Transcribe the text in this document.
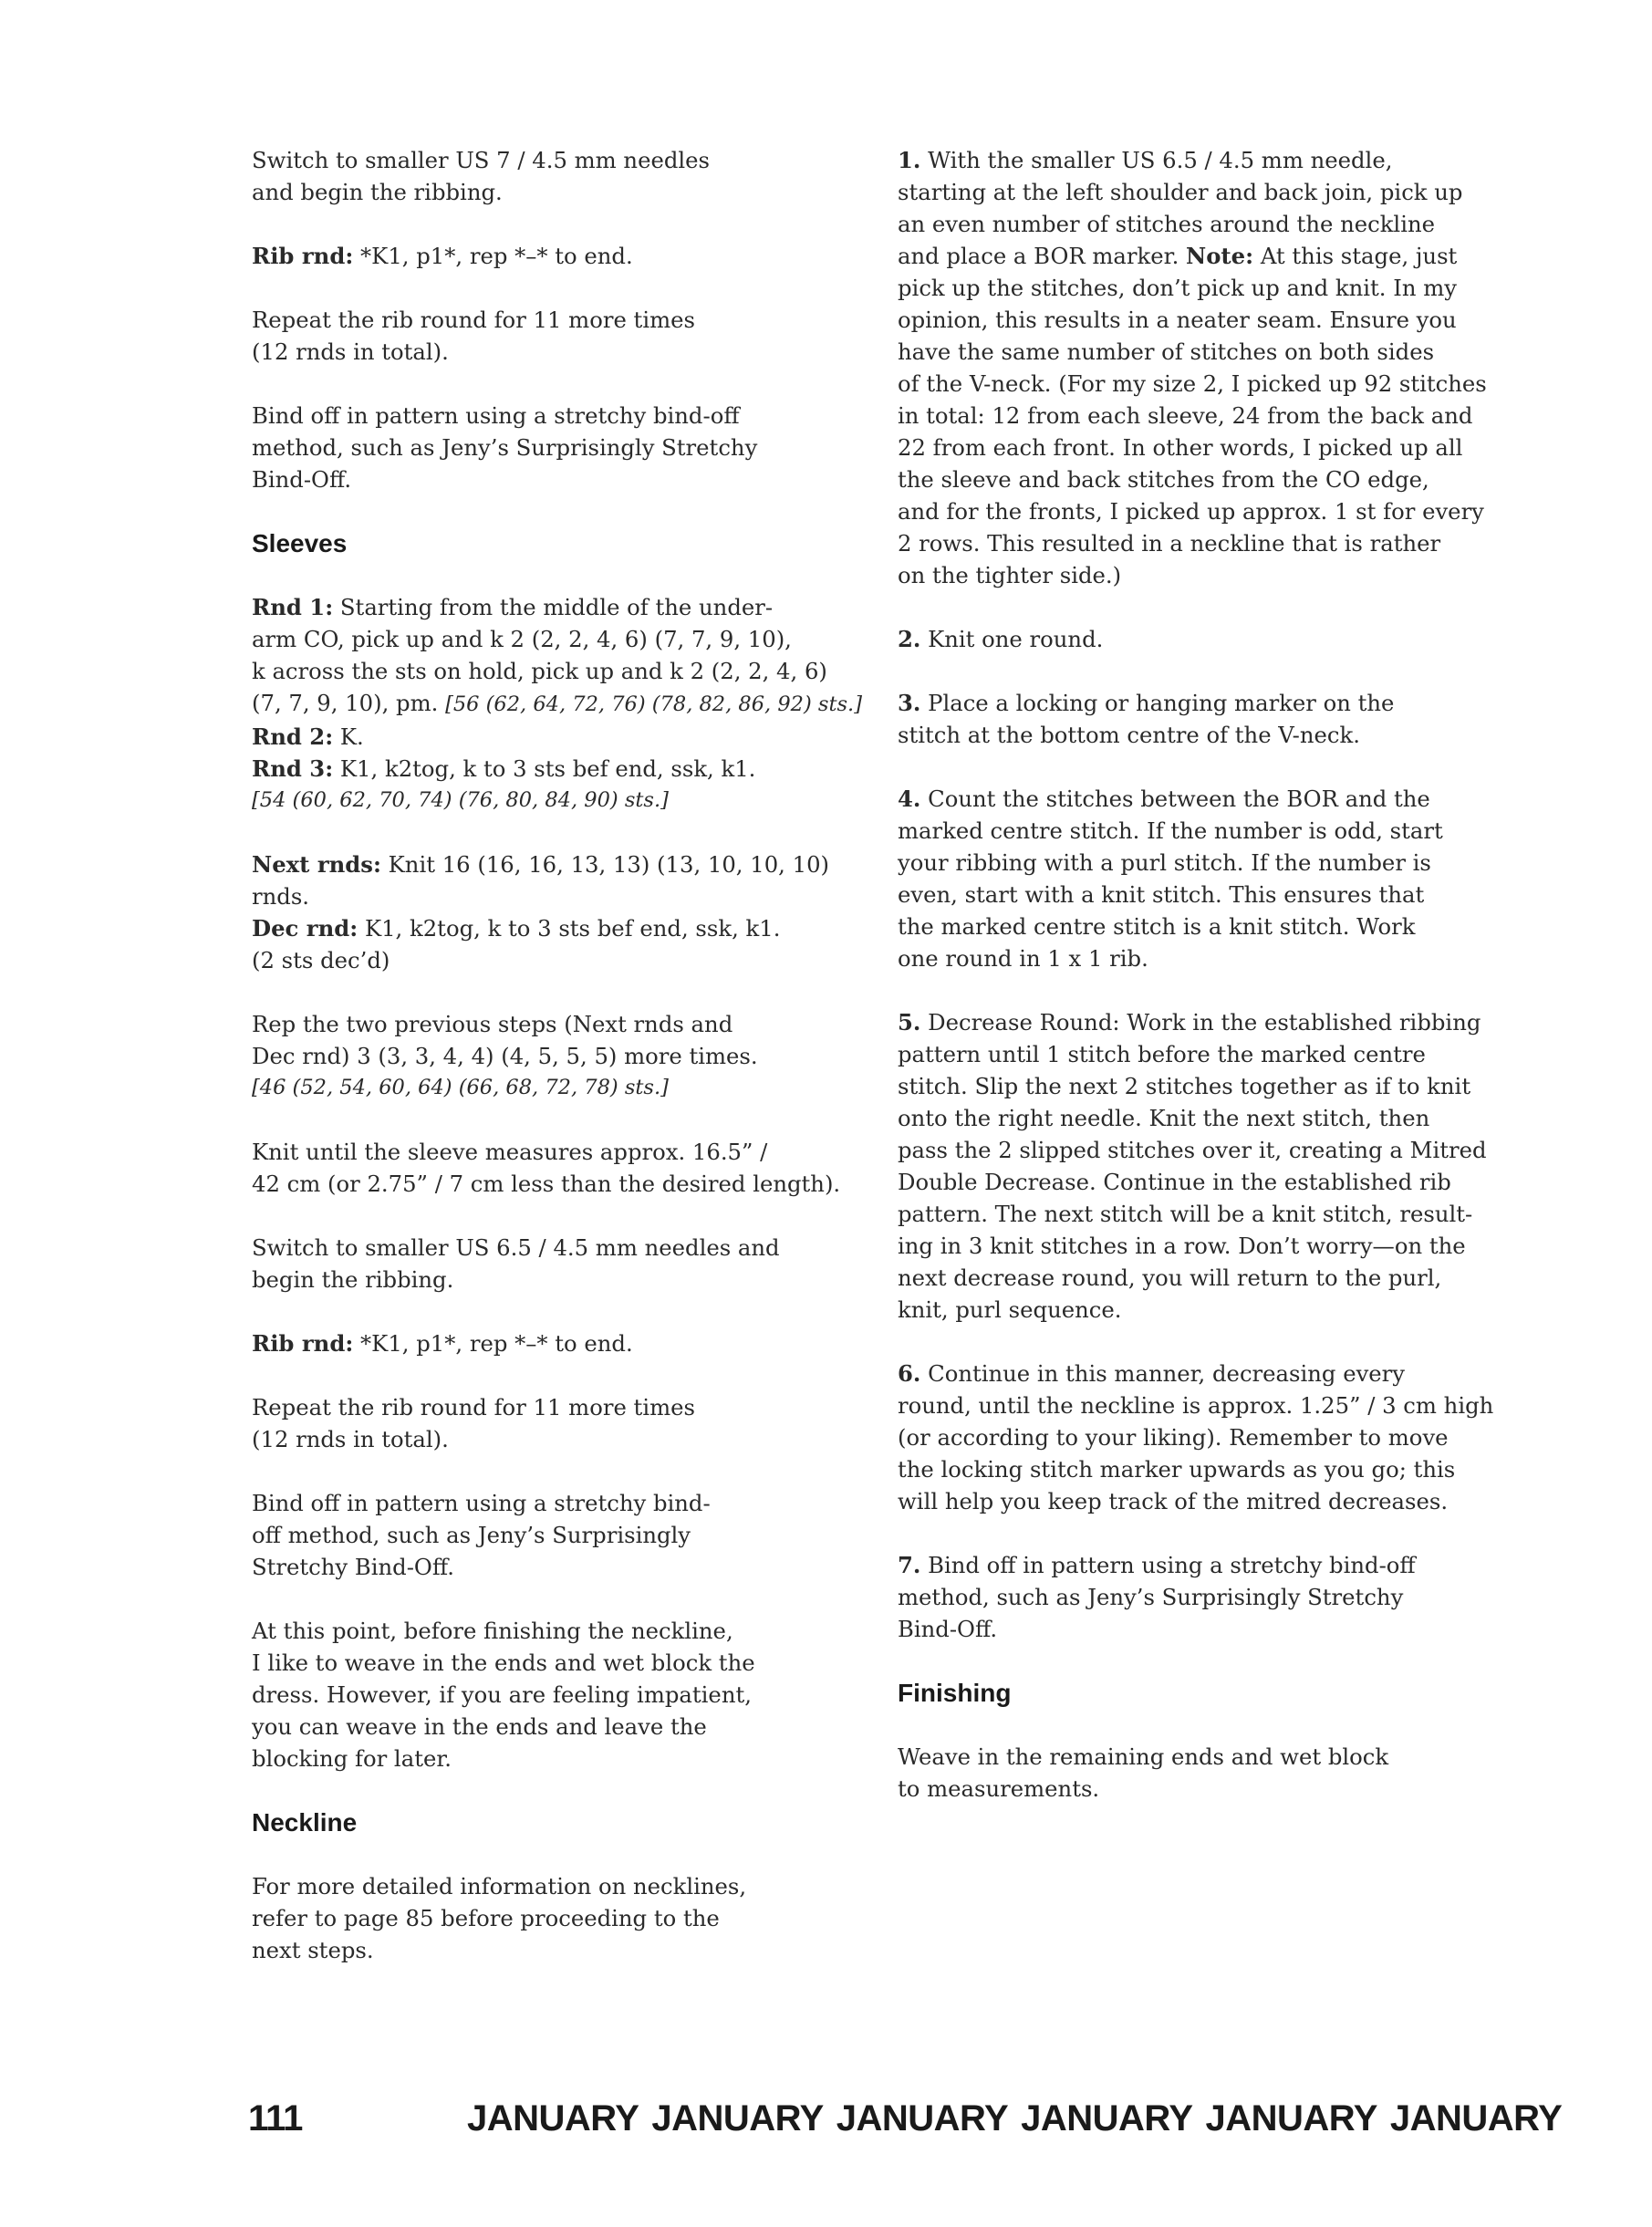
Switch to smaller US 7 / 4.5 mm needles
and begin the ribbing.

Rib rnd: *K1, p1*, rep *–* to end.

Repeat the rib round for 11 more times
(12 rnds in total).

Bind off in pattern using a stretchy bind-off
method, such as Jeny’s Surprisingly Stretchy
Bind-Off.

Sleeves

Rnd 1: Starting from the middle of the under-
arm CO, pick up and k 2 (2, 2, 4, 6) (7, 7, 9, 10),
k across the sts on hold, pick up and k 2 (2, 2, 4, 6)
(7, 7, 9, 10), pm. [56 (62, 64, 72, 76) (78, 82, 86, 92) sts.]
Rnd 2: K.
Rnd 3: K1, k2tog, k to 3 sts bef end, ssk, k1.
[54 (60, 62, 70, 74) (76, 80, 84, 90) sts.]

Next rnds: Knit 16 (16, 16, 13, 13) (13, 10, 10, 10)
rnds.
Dec rnd: K1, k2tog, k to 3 sts bef end, ssk, k1.
(2 sts dec’d)

Rep the two previous steps (Next rnds and
Dec rnd) 3 (3, 3, 4, 4) (4, 5, 5, 5) more times.
[46 (52, 54, 60, 64) (66, 68, 72, 78) sts.]

Knit until the sleeve measures approx. 16.5” /
42 cm (or 2.75” / 7 cm less than the desired length).

Switch to smaller US 6.5 / 4.5 mm needles and
begin the ribbing.

Rib rnd: *K1, p1*, rep *–* to end.

Repeat the rib round for 11 more times
(12 rnds in total).

Bind off in pattern using a stretchy bind-
off method, such as Jeny’s Surprisingly
Stretchy Bind-Off.

At this point, before finishing the neckline,
I like to weave in the ends and wet block the
dress. However, if you are feeling impatient,
you can weave in the ends and leave the
blocking for later.

Neckline

For more detailed information on necklines,
refer to page 85 before proceeding to the
next steps.

1. With the smaller US 6.5 / 4.5 mm needle,
starting at the left shoulder and back join, pick up
an even number of stitches around the neckline
and place a BOR marker. Note: At this stage, just
pick up the stitches, don’t pick up and knit. In my
opinion, this results in a neater seam. Ensure you
have the same number of stitches on both sides
of the V-neck. (For my size 2, I picked up 92 stitches
in total: 12 from each sleeve, 24 from the back and
22 from each front. In other words, I picked up all
the sleeve and back stitches from the CO edge,
and for the fronts, I picked up approx. 1 st for every
2 rows. This resulted in a neckline that is rather
on the tighter side.)

2. Knit one round.

3. Place a locking or hanging marker on the
stitch at the bottom centre of the V-neck.

4. Count the stitches between the BOR and the
marked centre stitch. If the number is odd, start
your ribbing with a purl stitch. If the number is
even, start with a knit stitch. This ensures that
the marked centre stitch is a knit stitch. Work
one round in 1 x 1 rib.

5. Decrease Round: Work in the established ribbing
pattern until 1 stitch before the marked centre
stitch. Slip the next 2 stitches together as if to knit
onto the right needle. Knit the next stitch, then
pass the 2 slipped stitches over it, creating a Mitred
Double Decrease. Continue in the established rib
pattern. The next stitch will be a knit stitch, result-
ing in 3 knit stitches in a row. Don’t worry—on the
next decrease round, you will return to the purl,
knit, purl sequence.

6. Continue in this manner, decreasing every
round, until the neckline is approx. 1.25” / 3 cm high
(or according to your liking). Remember to move
the locking stitch marker upwards as you go; this
will help you keep track of the mitred decreases.

7. Bind off in pattern using a stretchy bind-off
method, such as Jeny’s Surprisingly Stretchy
Bind-Off.

Finishing

Weave in the remaining ends and wet block
to measurements.

111	JANUARY JANUARY JANUARY JANUARY JANUARY JANUARY
